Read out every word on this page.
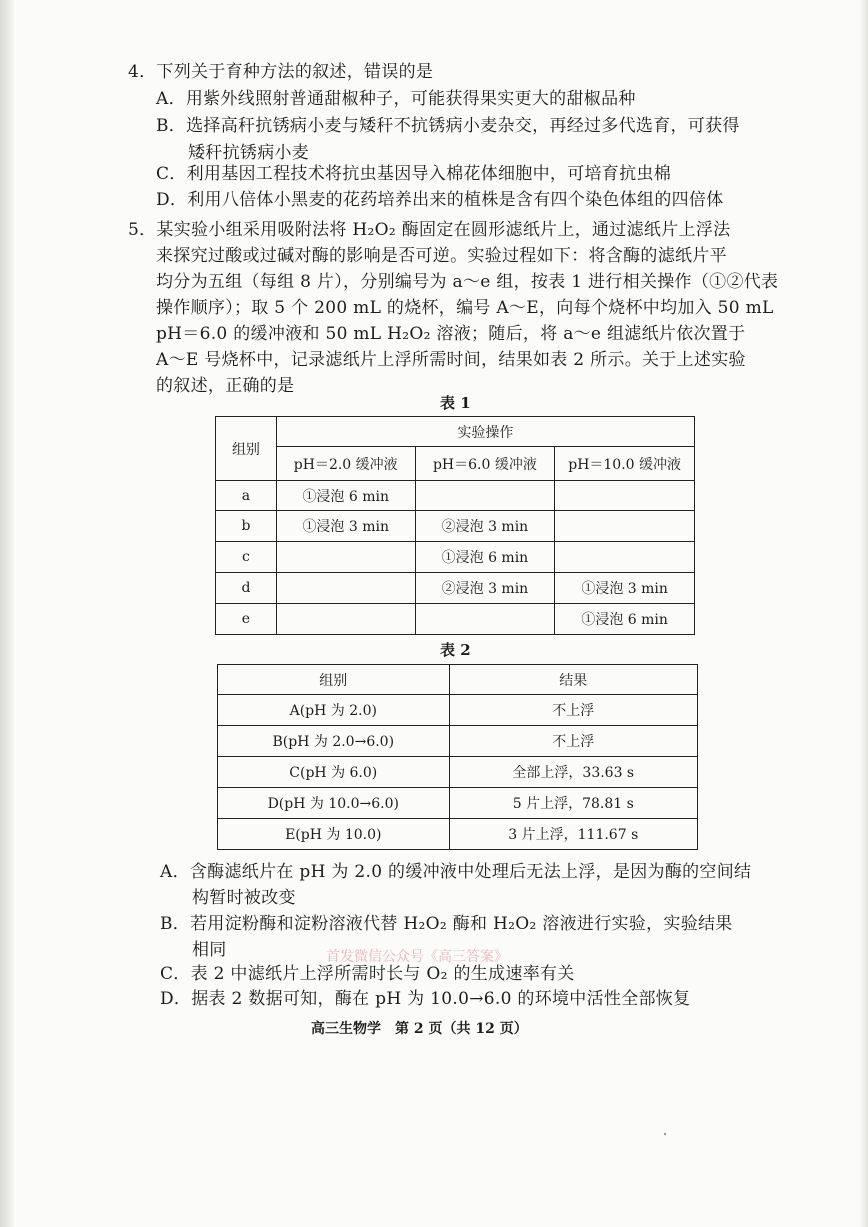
4．下列关于育种方法的叙述，错误的是
A．用紫外线照射普通甜椒种子，可能获得果实更大的甜椒品种
B．选择高秆抗锈病小麦与矮秆不抗锈病小麦杂交，再经过多代选育，可获得
矮秆抗锈病小麦
C．利用基因工程技术将抗虫基因导入棉花体细胞中，可培育抗虫棉
D．利用八倍体小黑麦的花药培养出来的植株是含有四个染色体组的四倍体
5．某实验小组采用吸附法将 H₂O₂ 酶固定在圆形滤纸片上，通过滤纸片上浮法
来探究过酸或过碱对酶的影响是否可逆。实验过程如下：将含酶的滤纸片平
均分为五组（每组 8 片），分别编号为 a～e 组，按表 1 进行相关操作（①②代表
操作顺序）；取 5 个 200 mL 的烧杯，编号 A～E，向每个烧杯中均加入 50 mL
pH＝6.0 的缓冲液和 50 mL H₂O₂ 溶液；随后，将 a～e 组滤纸片依次置于
A～E 号烧杯中，记录滤纸片上浮所需时间，结果如表 2 所示。关于上述实验
的叙述，正确的是
表 1
组别	实验操作		
	pH＝2.0 缓冲液	pH＝6.0 缓冲液	pH＝10.0 缓冲液
a	①浸泡 6 min		
b	①浸泡 3 min	②浸泡 3 min	
c		①浸泡 6 min	
d		②浸泡 3 min	①浸泡 3 min
e			①浸泡 6 min
表 2
组别	结果
A(pH 为 2.0)	不上浮
B(pH 为 2.0→6.0)	不上浮
C(pH 为 6.0)	全部上浮，33.63 s
D(pH 为 10.0→6.0)	5 片上浮，78.81 s
E(pH 为 10.0)	3 片上浮，111.67 s
A．含酶滤纸片在 pH 为 2.0 的缓冲液中处理后无法上浮，是因为酶的空间结
构暂时被改变
B．若用淀粉酶和淀粉溶液代替 H₂O₂ 酶和 H₂O₂ 溶液进行实验，实验结果
相同	首发微信公众号《高三答案》
C．表 2 中滤纸片上浮所需时长与 O₂ 的生成速率有关
D．据表 2 数据可知，酶在 pH 为 10.0→6.0 的环境中活性全部恢复
高三生物学　第 2 页（共 12 页）
